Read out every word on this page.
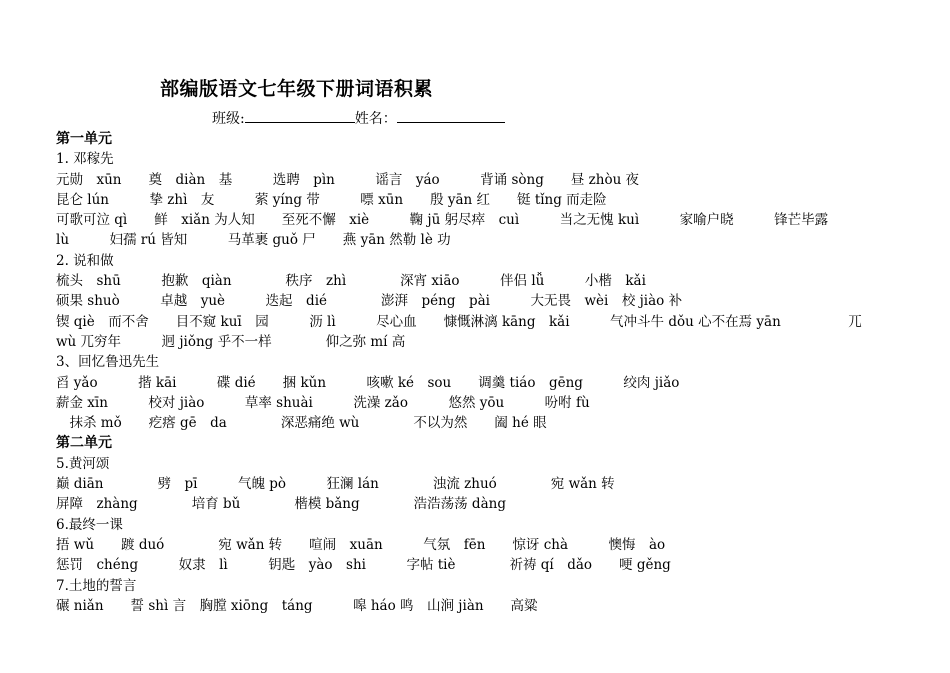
部编版语文七年级下册词语积累
班级:	姓名：
第一单元
1. 邓稼先
元勋　xūn　　奠　diàn　基　　　选聘　pìn　　　谣言　yáo　　　背诵 sòng　　昼 zhòu 夜
昆仑 lún　　　挚 zhì　友　　　萦 yíng 带　　　嘌 xūn　　殷 yān 红　　铤 tǐng 而走险
可歌可泣 qì　　鲜　xiǎn 为人知　　至死不懈　xiè　　　鞠 jū 躬尽瘁　cuì　　　当之无愧 kuì　　　家喻户晓　　　锋芒毕露
lù　　　妇孺 rú 皆知　　　马革裹 guǒ 尸　　燕 yān 然勒 lè 功
2. 说和做
梳头　shū　　　抱歉　qiàn　　　　秩序　zhì　　　　深宵 xiāo　　　伴侣 lǚ　　　小楷　kǎi
硕果 shuò　　　卓越　yuè　　　迭起　dié　　　　澎湃　péng　pài　　　大无畏　wèi　校 jiào 补
锲 qiè　而不舍　　目不窥 kuī　园　　　沥 lì　　　尽心血　　慷慨淋漓 kāng　kǎi　　　气冲斗牛 dǒu 心不在焉 yān　　　　　兀
wù 兀穷年　　　迥 jiǒng 乎不一样　　　　仰之弥 mí 高
3、回忆鲁迅先生
舀 yǎo　　　揩 kāi　　　碟 dié　　捆 kǔn　　　咳嗽 ké　sou　　调羹 tiáo　gēng　　　绞肉 jiǎo
薪金 xīn　　　校对 jiào　　　草率 shuài　　　洗澡 zǎo　　　悠然 yōu　　　吩咐 fù
　抹杀 mǒ　　疙瘩 gē　da　　　　深恶痛绝 wù　　　　不以为然　　阖 hé 眼
第二单元
5.黄河颂
巅 diān　　　　劈　pī　　　气魄 pò　　　狂澜 lán　　　　浊流 zhuó　　　　宛 wǎn 转
屏障　zhàng　　　　培育 bǔ　　　　楷模 bǎng　　　　浩浩荡荡 dàng
6.最终一课
捂 wǔ　　踱 duó　　　　宛 wǎn 转　　喧闹　xuān　　　气氛　fēn　　惊讶 chà　　　懊悔　ào
惩罚　chéng　　　奴隶　lì　　　钥匙　yào　shi　　　字帖 tiè　　　　祈祷 qí　dǎo　　哽 gěng
7.土地的誓言
碾 niǎn　　誓 shì 言　胸膛 xiōng　táng　　　嗥 háo 鸣　山涧 jiàn　　高粱
